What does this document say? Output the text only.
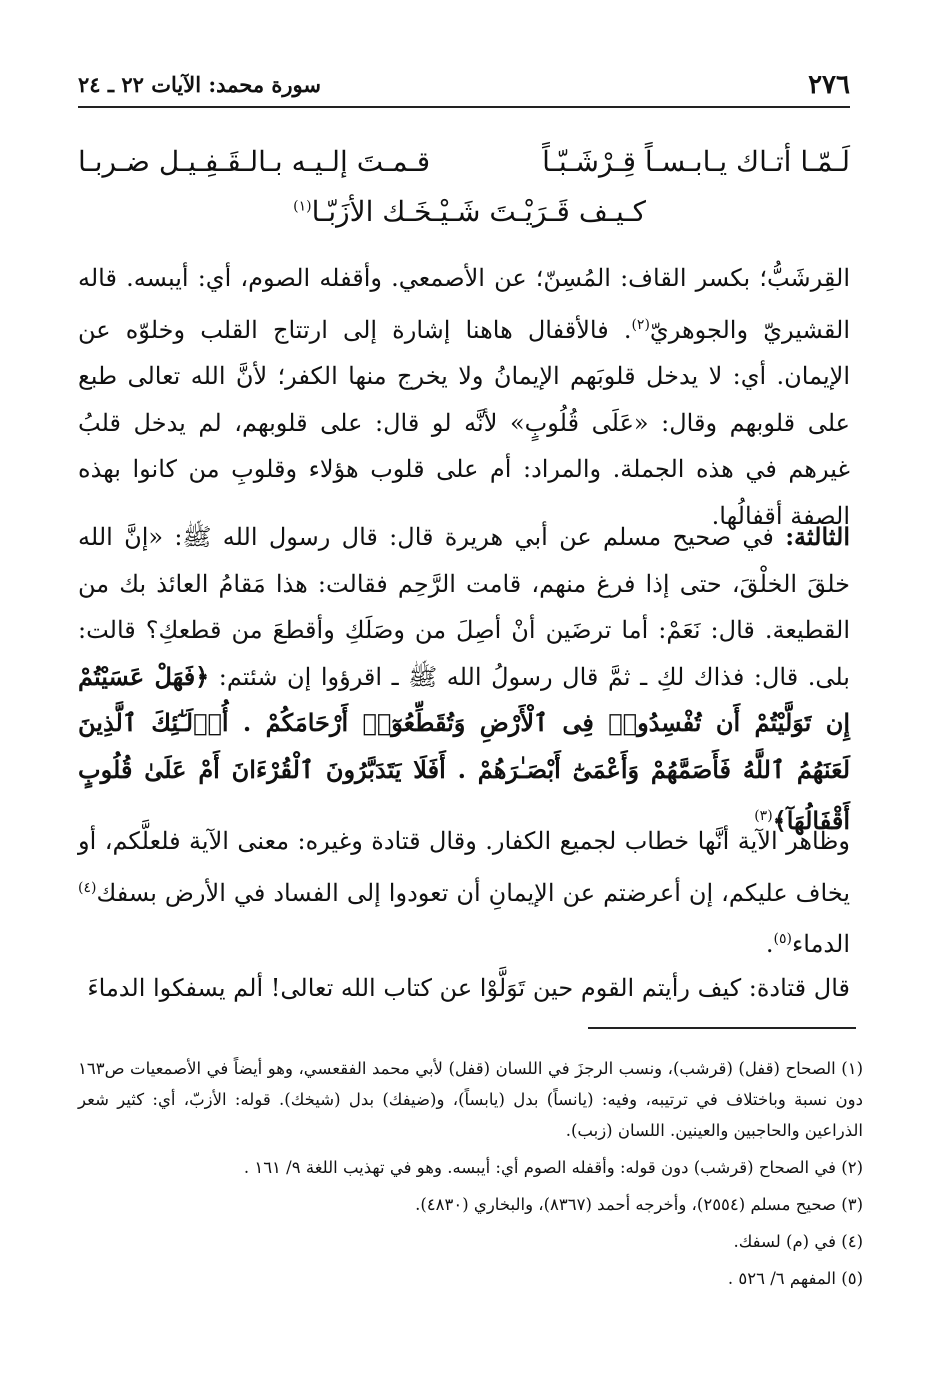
٢٧٦
سورة محمد: الآيات ٢٢ ـ ٢٤
لَـمّـا أتـاك يـابـسـاً قِـرْشَـبّـاً
قـمـتَ إلـيـه بـالـقَـفِـيـل ضـربـا
كـيـف قَـرَيْـتَ شَـيْـخَـك الأزَبّـا$^{(١)}$
القِرشَبُّ؛ بكسر القاف: المُسِنّ؛ عن الأصمعي. وأقفله الصوم، أي: أيبسه. قاله القشيريّ والجوهريّ$^{(٢)}$. فالأقفال هاهنا إشارة إلى ارتتاج القلب وخلوّه عن الإيمان. أي: لا يدخل قلوبَهم الإيمانُ ولا يخرج منها الكفر؛ لأنَّ الله تعالى طبع على قلوبهم وقال: «عَلَى قُلُوبٍ» لأنَّه لو قال: على قلوبهم، لم يدخل قلبُ غيرهم في هذه الجملة. والمراد: أم على قلوب هؤلاء وقلوبِ من كانوا بهذه الصفة أقفالُها.
الثالثة: في صحيح مسلم عن أبي هريرة قال: قال رسول الله ﷺ: «إنَّ الله خلقَ الخلْقَ، حتى إذا فرغ منهم، قامت الرَّحِم فقالت: هذا مَقامُ العائذ بك من القطيعة. قال: نَعَمْ: أما ترضَين أنْ أصِلَ من وصَلَكِ وأقطعَ من قطعكِ؟ قالت: بلى. قال: فذاك لكِ ـ ثمَّ قال رسولُ الله ﷺ ـ اقرؤوا إن شئتم: ﴿فَهَلْ عَسَيْتُمْ إِن تَوَلَّيْتُمْ أَن تُفْسِدُوا۟ فِى ٱلْأَرْضِ وَتُقَطِّعُوٓا۟ أَرْحَامَكُمْ . أُو۟لَـٰٓئِكَ ٱلَّذِينَ لَعَنَهُمُ ٱللَّهُ فَأَصَمَّهُمْ وَأَعْمَىٰٓ أَبْصَـٰرَهُمْ . أَفَلَا يَتَدَبَّرُونَ ٱلْقُرْءَانَ أَمْ عَلَىٰ قُلُوبٍ أَقْفَالُهَآ﴾$^{(٣)}$
وظاهر الآية أنَّها خطاب لجميع الكفار. وقال قتادة وغيره: معنى الآية فلعلَّكم، أو يخاف عليكم، إن أعرضتم عن الإيمانِ أن تعودوا إلى الفساد في الأرض بسفك$^{(٤)}$ الدماء$^{(٥)}$.
قال قتادة: كيف رأيتم القوم حين تَوَلَّوْا عن كتاب الله تعالى! ألم يسفكوا الدماءَ

(١) الصحاح (قفل) (قرشب)، ونسب الرجزَ في اللسان (قفل) لأبي محمد الفقعسي، وهو أيضاً في الأصمعيات ص١٦٣ دون نسبة وباختلاف في ترتيبه، وفيه: (يانساً) بدل (يابساً)، و(ضيفك) بدل (شيخك). قوله: الأزبّ، أي: كثير شعر الذراعين والحاجبين والعينين. اللسان (زبب).

(٢) في الصحاح (قرشب) دون قوله: وأقفله الصوم أي: أيبسه. وهو في تهذيب اللغة ٩/ ١٦١ .

(٣) صحيح مسلم (٢٥٥٤)، وأخرجه أحمد (٨٣٦٧)، والبخاري (٤٨٣٠).

(٤) في (م) لسفك.

(٥) المفهم ٦/ ٥٢٦ .
